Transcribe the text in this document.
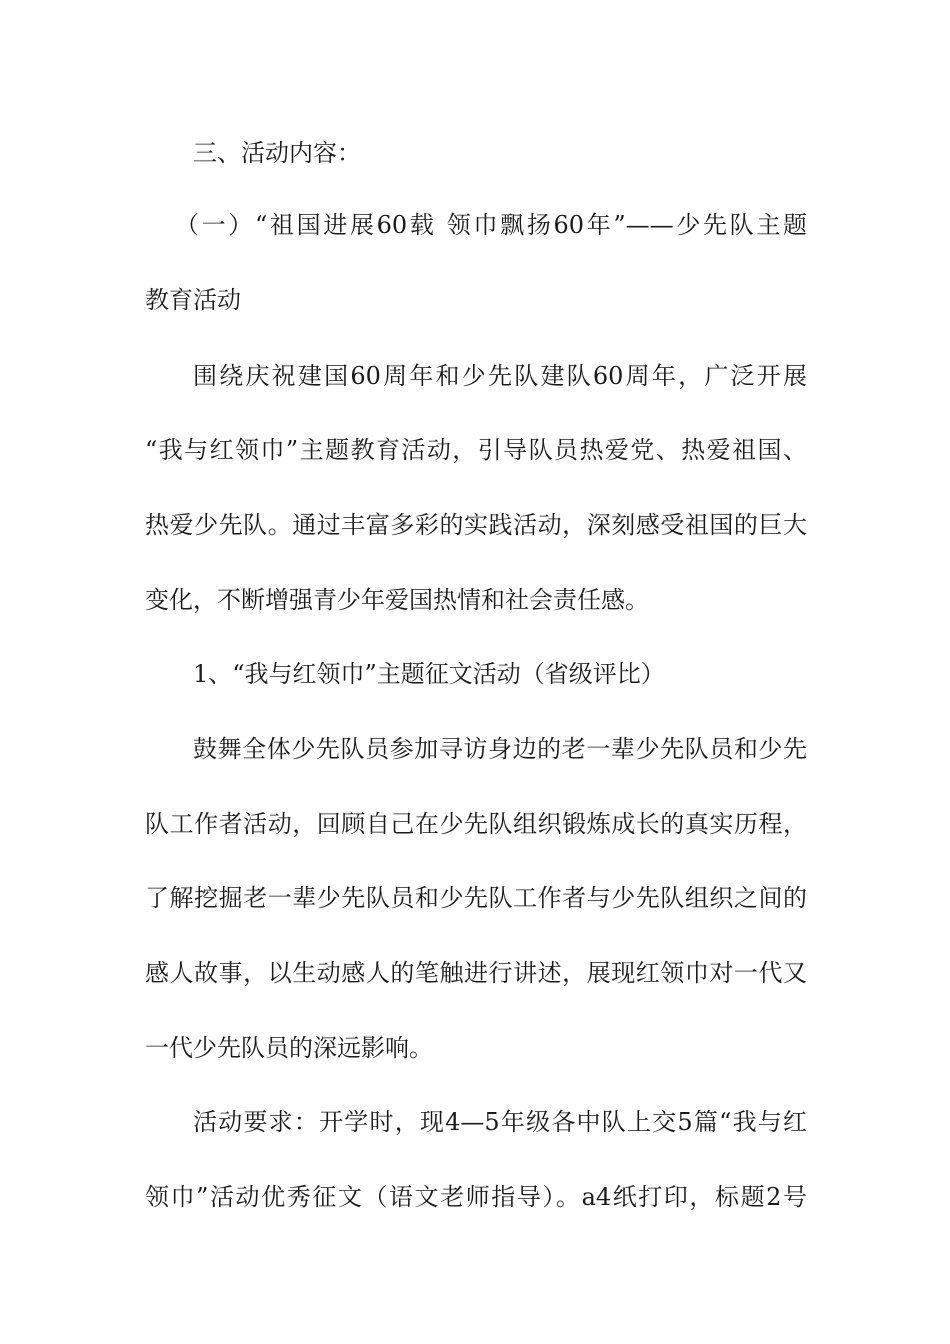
三、活动内容：
（一）“祖国进展60载 领巾飘扬60年”——少先队主题
教育活动
围绕庆祝建国60周年和少先队建队60周年，广泛开展
“我与红领巾”主题教育活动，引导队员热爱党、热爱祖国、
热爱少先队。通过丰富多彩的实践活动，深刻感受祖国的巨大
变化，不断增强青少年爱国热情和社会责任感。
1、“我与红领巾”主题征文活动（省级评比）
鼓舞全体少先队员参加寻访身边的老一辈少先队员和少先
队工作者活动，回顾自己在少先队组织锻炼成长的真实历程，
了解挖掘老一辈少先队员和少先队工作者与少先队组织之间的
感人故事，以生动感人的笔触进行讲述，展现红领巾对一代又
一代少先队员的深远影响。
活动要求：开学时，现4—5年级各中队上交5篇“我与红
领巾”活动优秀征文（语文老师指导）。a4纸打印，标题2号
